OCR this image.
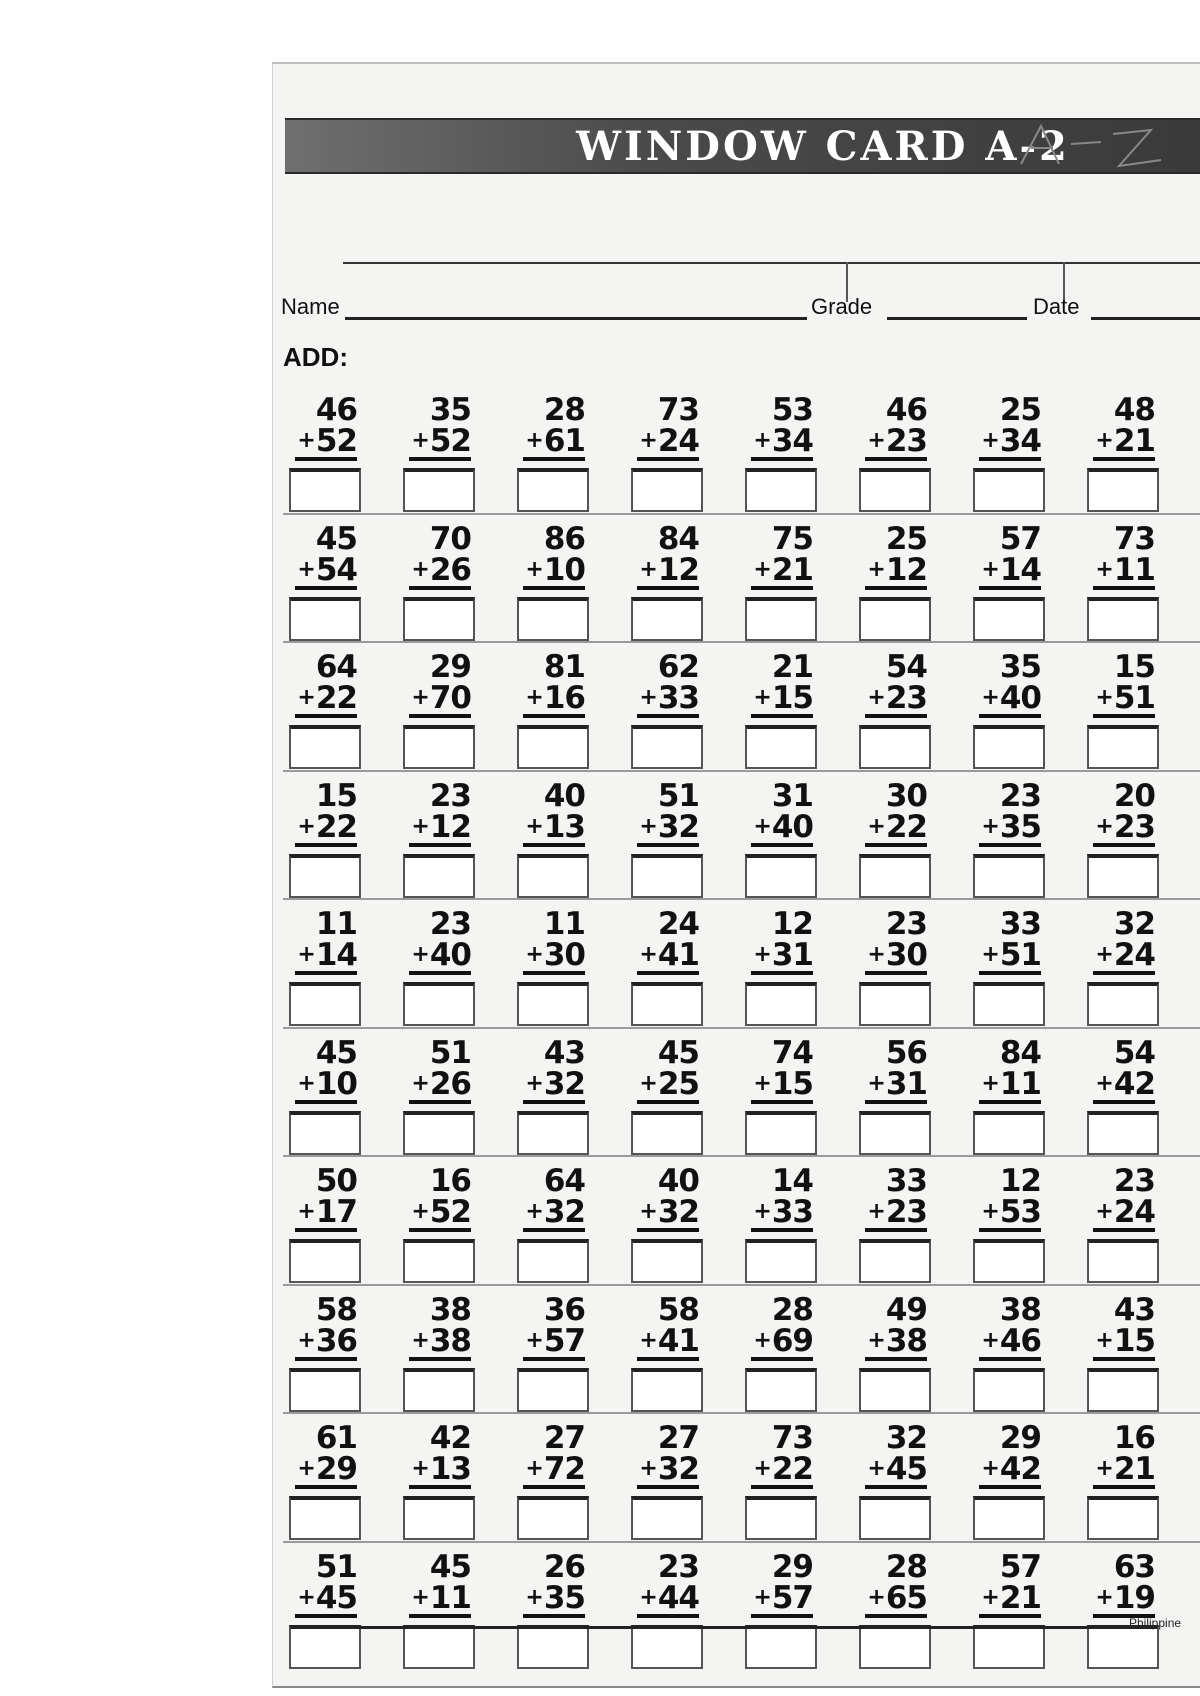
WINDOW CARD A-2
Name	Grade	Date
ADD:
46
+52
35
+52
28
+61
73
+24
53
+34
46
+23
25
+34
48
+21
45
+54
70
+26
86
+10
84
+12
75
+21
25
+12
57
+14
73
+11
64
+22
29
+70
81
+16
62
+33
21
+15
54
+23
35
+40
15
+51
15
+22
23
+12
40
+13
51
+32
31
+40
30
+22
23
+35
20
+23
11
+14
23
+40
11
+30
24
+41
12
+31
23
+30
33
+51
32
+24
45
+10
51
+26
43
+32
45
+25
74
+15
56
+31
84
+11
54
+42
50
+17
16
+52
64
+32
40
+32
14
+33
33
+23
12
+53
23
+24
58
+36
38
+38
36
+57
58
+41
28
+69
49
+38
38
+46
43
+15
61
+29
42
+13
27
+72
27
+32
73
+22
32
+45
29
+42
16
+21
51
+45
45
+11
26
+35
23
+44
29
+57
28
+65
57
+21
63
+19
Philippine
